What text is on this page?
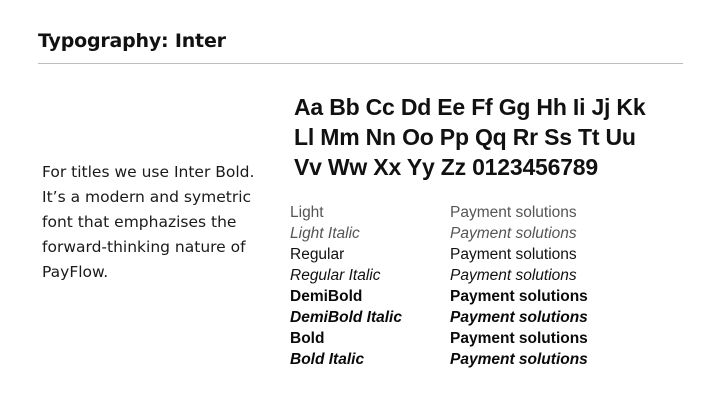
Typography: Inter

For titles we use Inter Bold. It’s a modern and symetric font that emphazises the forward-thinking nature of PayFlow.

Aa Bb Cc Dd Ee Ff Gg Hh Ii Jj Kk
Ll Mm Nn Oo Pp Qq Rr Ss Tt Uu
Vv Ww Xx Yy Zz 0123456789
Light	Payment solutions
Light Italic	Payment solutions
Regular	Payment solutions
Regular Italic	Payment solutions
DemiBold	Payment solutions
DemiBold Italic	Payment solutions
Bold	Payment solutions
Bold Italic	Payment solutions
